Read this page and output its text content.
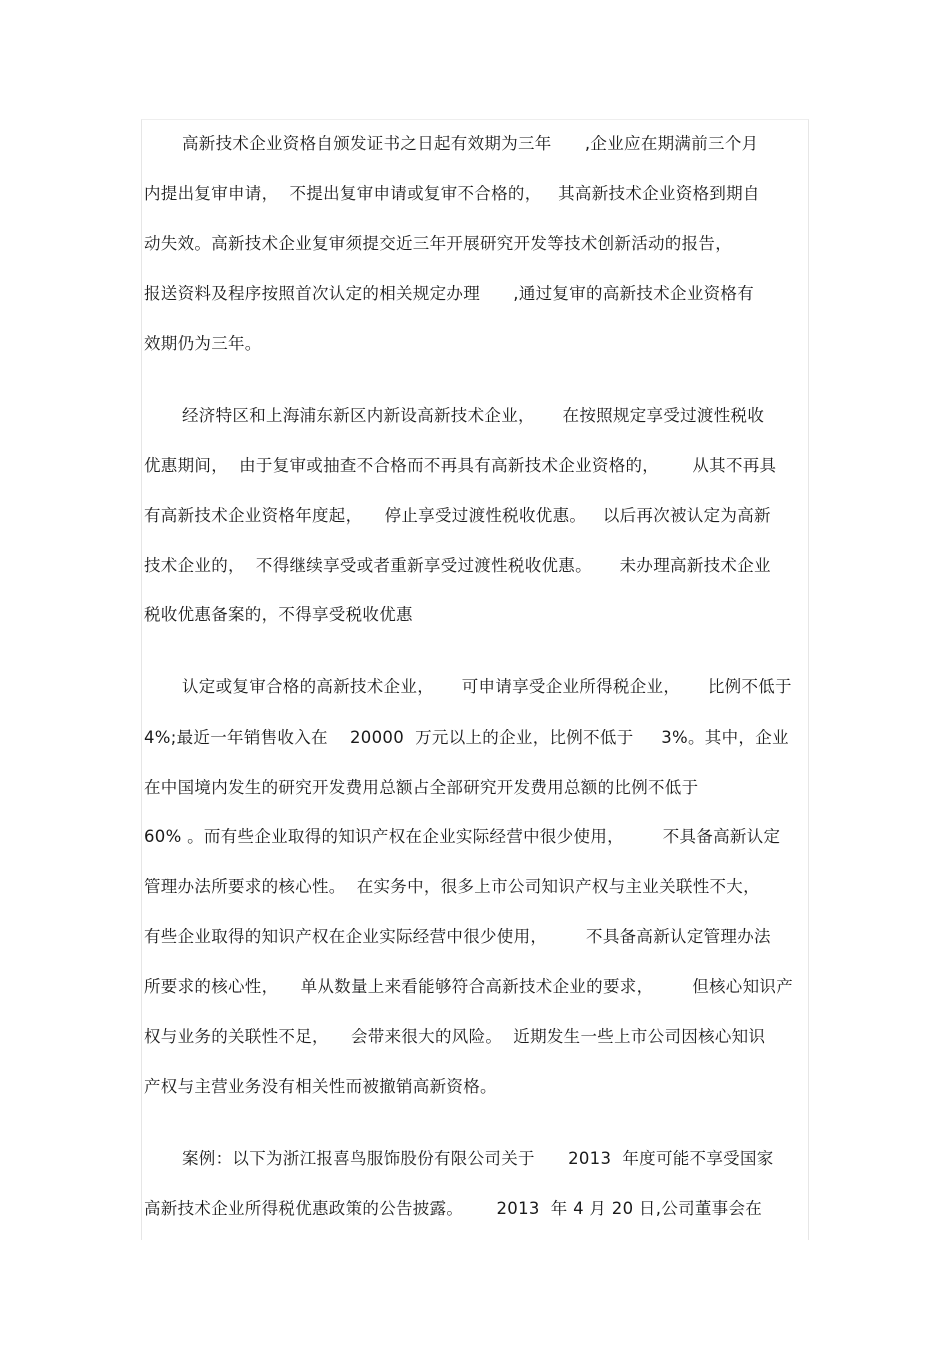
高新技术企业资格自颁发证书之日起有效期为三年      ,企业应在期满前三个月
内提出复审申请，  不提出复审申请或复审不合格的，   其高新技术企业资格到期自
动失效。高新技术企业复审须提交近三年开展研究开发等技术创新活动的报告，
报送资料及程序按照首次认定的相关规定办理      ,通过复审的高新技术企业资格有
效期仍为三年。
经济特区和上海浦东新区内新设高新技术企业，     在按照规定享受过渡性税收
优惠期间，  由于复审或抽查不合格而不再具有高新技术企业资格的，      从其不再具
有高新技术企业资格年度起，    停止享受过渡性税收优惠。   以后再次被认定为高新
技术企业的，  不得继续享受或者重新享受过渡性税收优惠。     未办理高新技术企业
税收优惠备案的，不得享受税收优惠
认定或复审合格的高新技术企业，     可申请享受企业所得税企业，     比例不低于
4%;最近一年销售收入在    20000  万元以上的企业，比例不低于     3%。其中，企业
在中国境内发生的研究开发费用总额占全部研究开发费用总额的比例不低于
60% 。而有些企业取得的知识产权在企业实际经营中很少使用，       不具备高新认定
管理办法所要求的核心性。  在实务中，很多上市公司知识产权与主业关联性不大，
有些企业取得的知识产权在企业实际经营中很少使用，       不具备高新认定管理办法
所要求的核心性，    单从数量上来看能够符合高新技术企业的要求，       但核心知识产
权与业务的关联性不足，    会带来很大的风险。  近期发生一些上市公司因核心知识
产权与主营业务没有相关性而被撤销高新资格。
案例：以下为浙江报喜鸟服饰股份有限公司关于      2013  年度可能不享受国家
高新技术企业所得税优惠政策的公告披露。      2013  年 4 月 20 日,公司董事会在
